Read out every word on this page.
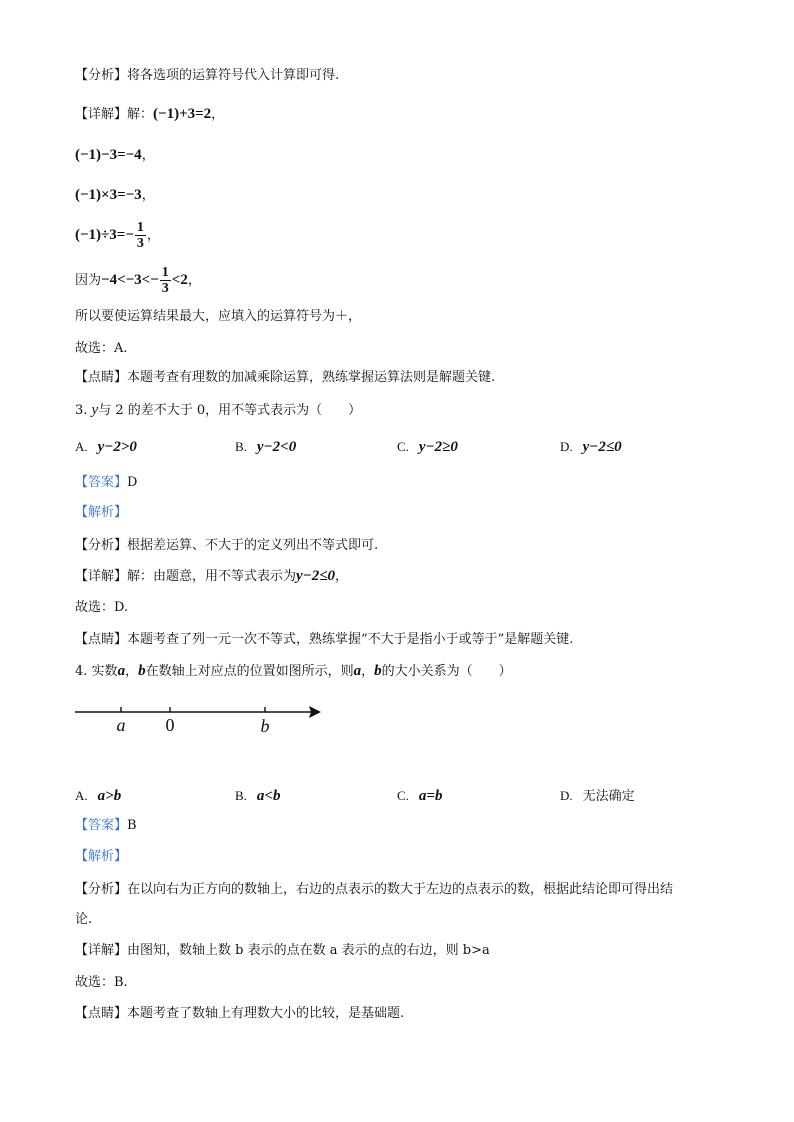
【分析】将各选项的运算符号代入计算即可得.
【详解】解：(−1)+3=2，
(−1)−3=−4，
(−1)×3=−3，
$(-1)\div 3=- \frac{1}{3}$ ，
因为$-4<-3<- \frac{1}{3} <2$，
所以要使运算结果最大，应填入的运算符号为＋，
故选：A.
【点睛】本题考查有理数的加减乘除运算，熟练掌握运算法则是解题关键.
3. y与 2 的差不大于 0，用不等式表示为（　　）
A. y−2>0	B. y−2<0	C. y−2≥0	D. y−2≤0
【答案】D
【解析】
【分析】根据差运算、不大于的定义列出不等式即可.
【详解】解：由题意，用不等式表示为y−2≤0，
故选：D.
【点睛】本题考查了列一元一次不等式，熟练掌握“不大于是指小于或等于”是解题关键.
4. 实数a，b在数轴上对应点的位置如图所示，则a，b的大小关系为（　　）
a 0	b
A. a>b	B. a<b	C. a=b	D. 无法确定
【答案】B
【解析】
【分析】在以向右为正方向的数轴上，右边的点表示的数大于左边的点表示的数，根据此结论即可得出结
论.
【详解】由图知，数轴上数 b 表示的点在数 a 表示的点的右边，则 b>a
故选：B.
【点睛】本题考查了数轴上有理数大小的比较，是基础题.
